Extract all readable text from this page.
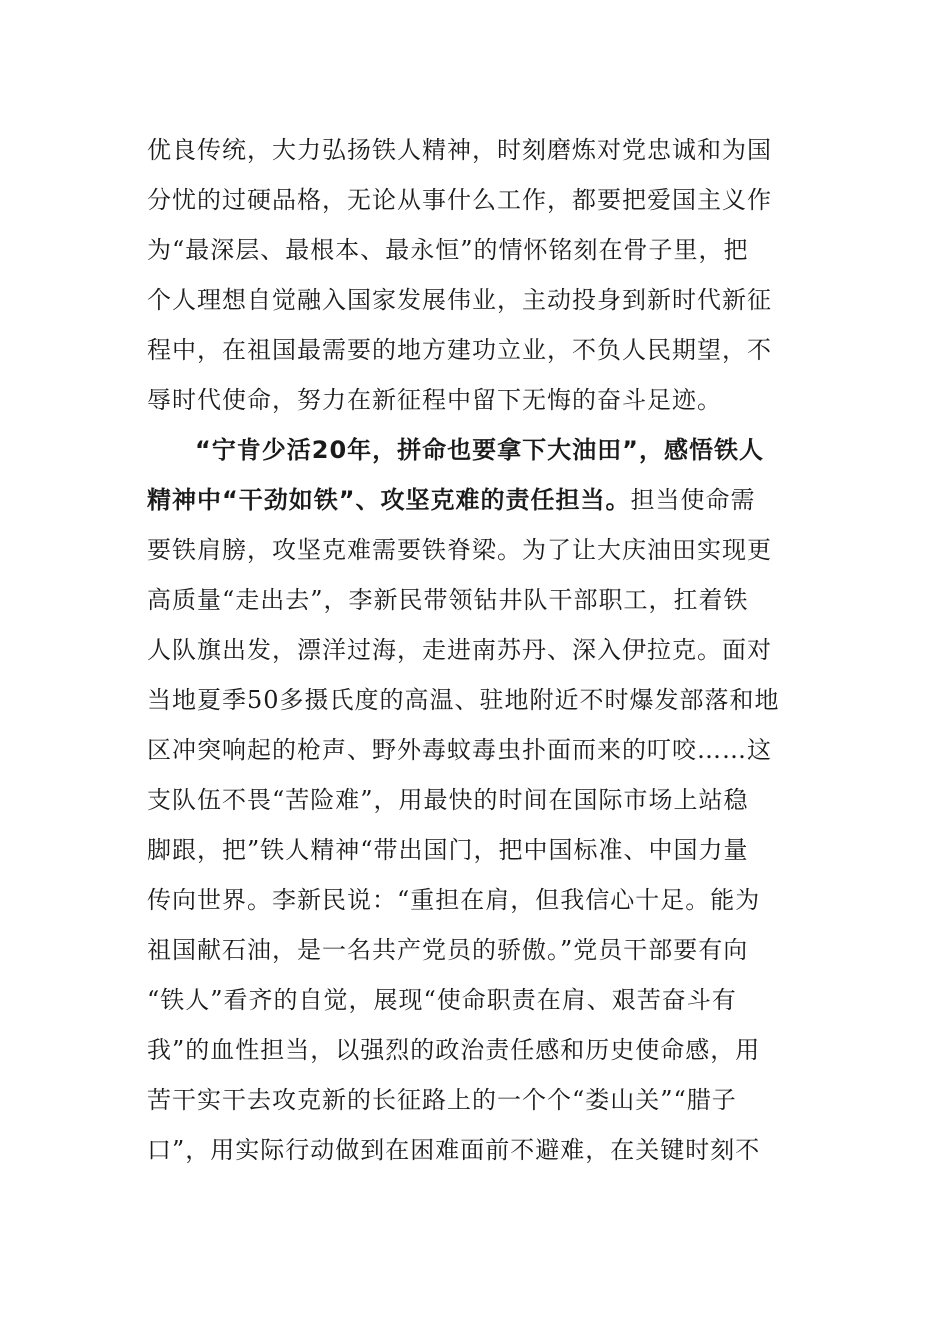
优良传统，大力弘扬铁人精神，时刻磨炼对党忠诚和为国
分忧的过硬品格，无论从事什么工作，都要把爱国主义作
为“最深层、最根本、最永恒”的情怀铭刻在骨子里，把
个人理想自觉融入国家发展伟业，主动投身到新时代新征
程中，在祖国最需要的地方建功立业，不负人民期望，不
辱时代使命，努力在新征程中留下无悔的奋斗足迹。
“宁肯少活20年，拼命也要拿下大油田”，感悟铁人
精神中“干劲如铁”、攻坚克难的责任担当。担当使命需
要铁肩膀，攻坚克难需要铁脊梁。为了让大庆油田实现更
高质量“走出去”，李新民带领钻井队干部职工，扛着铁
人队旗出发，漂洋过海，走进南苏丹、深入伊拉克。面对
当地夏季50多摄氏度的高温、驻地附近不时爆发部落和地
区冲突响起的枪声、野外毒蚊毒虫扑面而来的叮咬……这
支队伍不畏“苦险难”，用最快的时间在国际市场上站稳
脚跟，把”铁人精神“带出国门，把中国标准、中国力量
传向世界。李新民说：“重担在肩，但我信心十足。能为
祖国献石油，是一名共产党员的骄傲。”党员干部要有向
“铁人”看齐的自觉，展现“使命职责在肩、艰苦奋斗有
我”的血性担当，以强烈的政治责任感和历史使命感，用
苦干实干去攻克新的长征路上的一个个“娄山关”“腊子
口”，用实际行动做到在困难面前不避难，在关键时刻不
